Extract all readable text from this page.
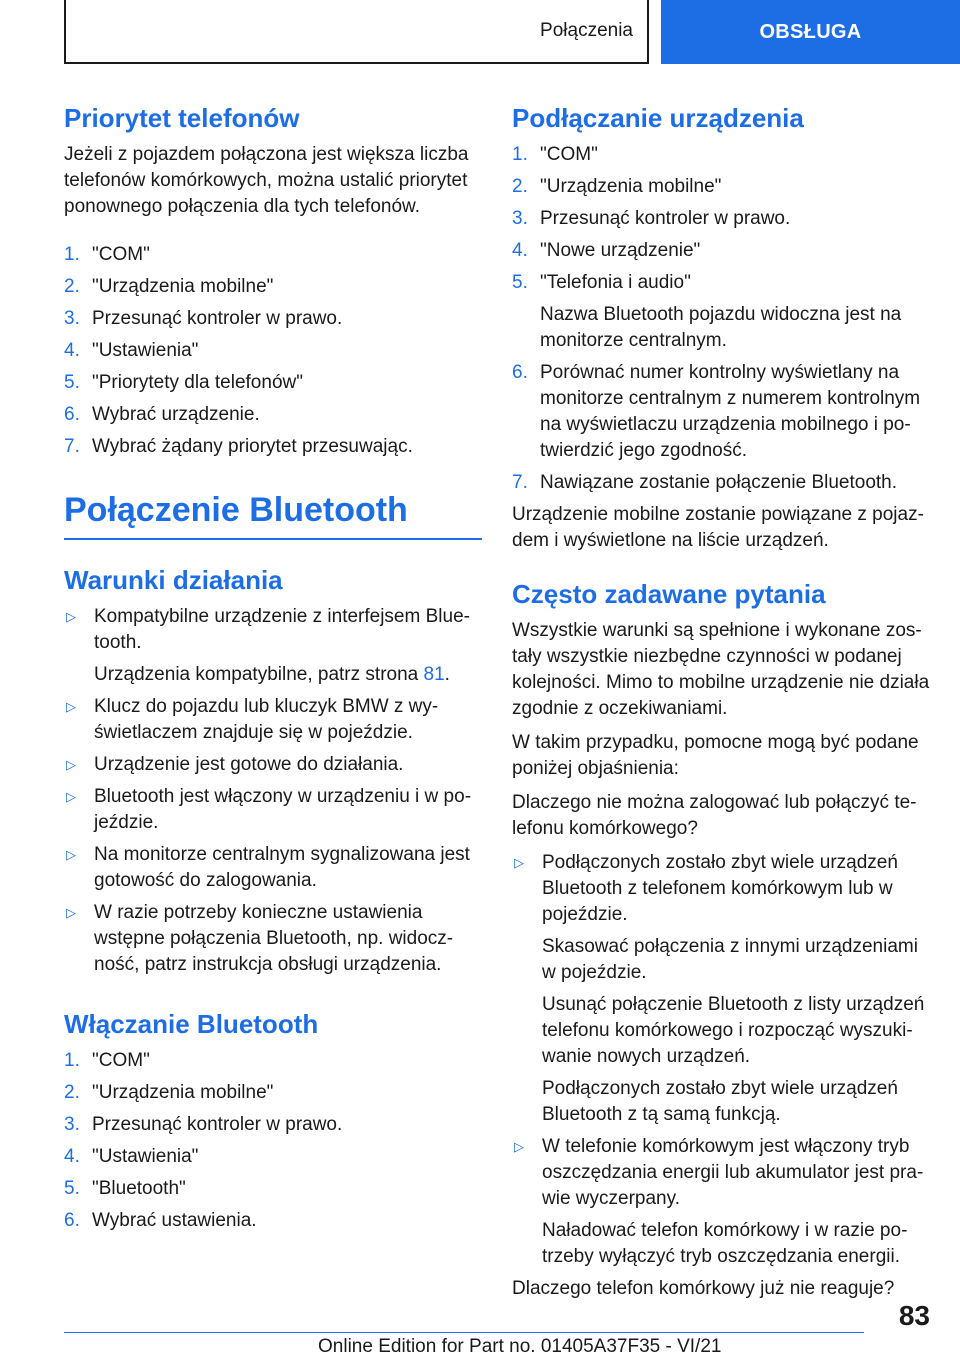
Połączenia	OBSŁUGA
Priorytet telefonów

Jeżeli z pojazdem połączona jest większa liczba telefonów komórkowych, można ustalić priorytet ponownego połączenia dla tych telefonów.

1. "COM"
2. "Urządzenia mobilne"
3. Przesunąć kontroler w prawo.
4. "Ustawienia"
5. "Priorytety dla telefonów"
6. Wybrać urządzenie.
7. Wybrać żądany priorytet przesuwając.
Połączenie Bluetooth
Warunki działania
▷ Kompatybilne urządzenie z interfejsem Bluetooth.
Urządzenia kompatybilne, patrz strona 81.
▷ Klucz do pojazdu lub kluczyk BMW z wyświetlaczem znajduje się w pojeździe.
▷ Urządzenie jest gotowe do działania.
▷ Bluetooth jest włączony w urządzeniu i w pojeździe.
▷ Na monitorze centralnym sygnalizowana jest gotowość do zalogowania.
▷ W razie potrzeby konieczne ustawienia wstępne połączenia Bluetooth, np. widoczność, patrz instrukcja obsługi urządzenia.
Włączanie Bluetooth
1. "COM"
2. "Urządzenia mobilne"
3. Przesunąć kontroler w prawo.
4. "Ustawienia"
5. "Bluetooth"
6. Wybrać ustawienia.
Podłączanie urządzenia
1. "COM"
2. "Urządzenia mobilne"
3. Przesunąć kontroler w prawo.
4. "Nowe urządzenie"
5. "Telefonia i audio"
Nazwa Bluetooth pojazdu widoczna jest na monitorze centralnym.
6. Porównać numer kontrolny wyświetlany na monitorze centralnym z numerem kontrolnym na wyświetlaczu urządzenia mobilnego i potwierdzić jego zgodność.
7. Nawiązane zostanie połączenie Bluetooth.

Urządzenie mobilne zostanie powiązane z pojazdem i wyświetlone na liście urządzeń.

Często zadawane pytania

Wszystkie warunki są spełnione i wykonane zostały wszystkie niezbędne czynności w podanej kolejności. Mimo to mobilne urządzenie nie działa zgodnie z oczekiwaniami.

W takim przypadku, pomocne mogą być podane poniżej objaśnienia:

Dlaczego nie można zalogować lub połączyć telefonu komórkowego?

▷ Podłączonych zostało zbyt wiele urządzeń Bluetooth z telefonem komórkowym lub w pojeździe.
Skasować połączenia z innymi urządzeniami w pojeździe.
Usunąć połączenie Bluetooth z listy urządzeń telefonu komórkowego i rozpocząć wyszukiwanie nowych urządzeń.
Podłączonych zostało zbyt wiele urządzeń Bluetooth z tą samą funkcją.
▷ W telefonie komórkowym jest włączony tryb oszczędzania energii lub akumulator jest prawie wyczerpany.
Naładować telefon komórkowy i w razie potrzeby wyłączyć tryb oszczędzania energii.

Dlaczego telefon komórkowy już nie reaguje?

83
Online Edition for Part no. 01405A37F35 - VI/21
